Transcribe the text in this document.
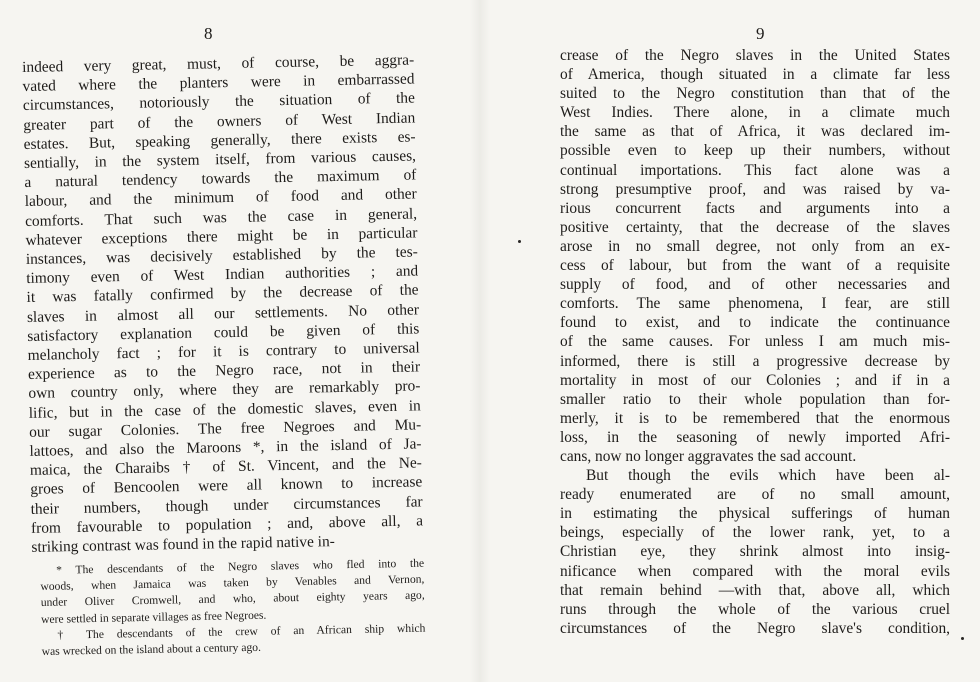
8
indeed very great, must, of course, be aggra-
vated where the planters were in embarrassed
circumstances, notoriously the situation of the
greater part of the owners of West Indian
estates. But, speaking generally, there exists es-
sentially, in the system itself, from various causes,
a natural tendency towards the maximum of
labour, and the minimum of food and other
comforts. That such was the case in general,
whatever exceptions there might be in particular
instances, was decisively established by the tes-
timony even of West Indian authorities ; and
it was fatally confirmed by the decrease of the
slaves in almost all our settlements. No other
satisfactory explanation could be given of this
melancholy fact ; for it is contrary to universal
experience as to the Negro race, not in their
own country only, where they are remarkably pro-
lific, but in the case of the domestic slaves, even in
our sugar Colonies. The free Negroes and Mu-
lattoes, and also the Maroons *, in the island of Ja-
maica, the Charaibs † of St. Vincent, and the Ne-
groes of Bencoolen were all known to increase
their numbers, though under circumstances far
from favourable to population ; and, above all, a
striking contrast was found in the rapid native in-
* The descendants of the Negro slaves who fled into the
woods, when Jamaica was taken by Venables and Vernon,
under Oliver Cromwell, and who, about eighty years ago,
were settled in separate villages as free Negroes.
† The descendants of the crew of an African ship which
was wrecked on the island about a century ago.
9
crease of the Negro slaves in the United States
of America, though situated in a climate far less
suited to the Negro constitution than that of the
West Indies. There alone, in a climate much
the same as that of Africa, it was declared im-
possible even to keep up their numbers, without
continual importations. This fact alone was a
strong presumptive proof, and was raised by va-
rious concurrent facts and arguments into a
positive certainty, that the decrease of the slaves
arose in no small degree, not only from an ex-
cess of labour, but from the want of a requisite
supply of food, and of other necessaries and
comforts. The same phenomena, I fear, are still
found to exist, and to indicate the continuance
of the same causes. For unless I am much mis-
informed, there is still a progressive decrease by
mortality in most of our Colonies ; and if in a
smaller ratio to their whole population than for-
merly, it is to be remembered that the enormous
loss, in the seasoning of newly imported Afri-
cans, now no longer aggravates the sad account.
But though the evils which have been al-
ready enumerated are of no small amount,
in estimating the physical sufferings of human
beings, especially of the lower rank, yet, to a
Christian eye, they shrink almost into insig-
nificance when compared with the moral evils
that remain behind —with that, above all, which
runs through the whole of the various cruel
circumstances of the Negro slave's condition,
